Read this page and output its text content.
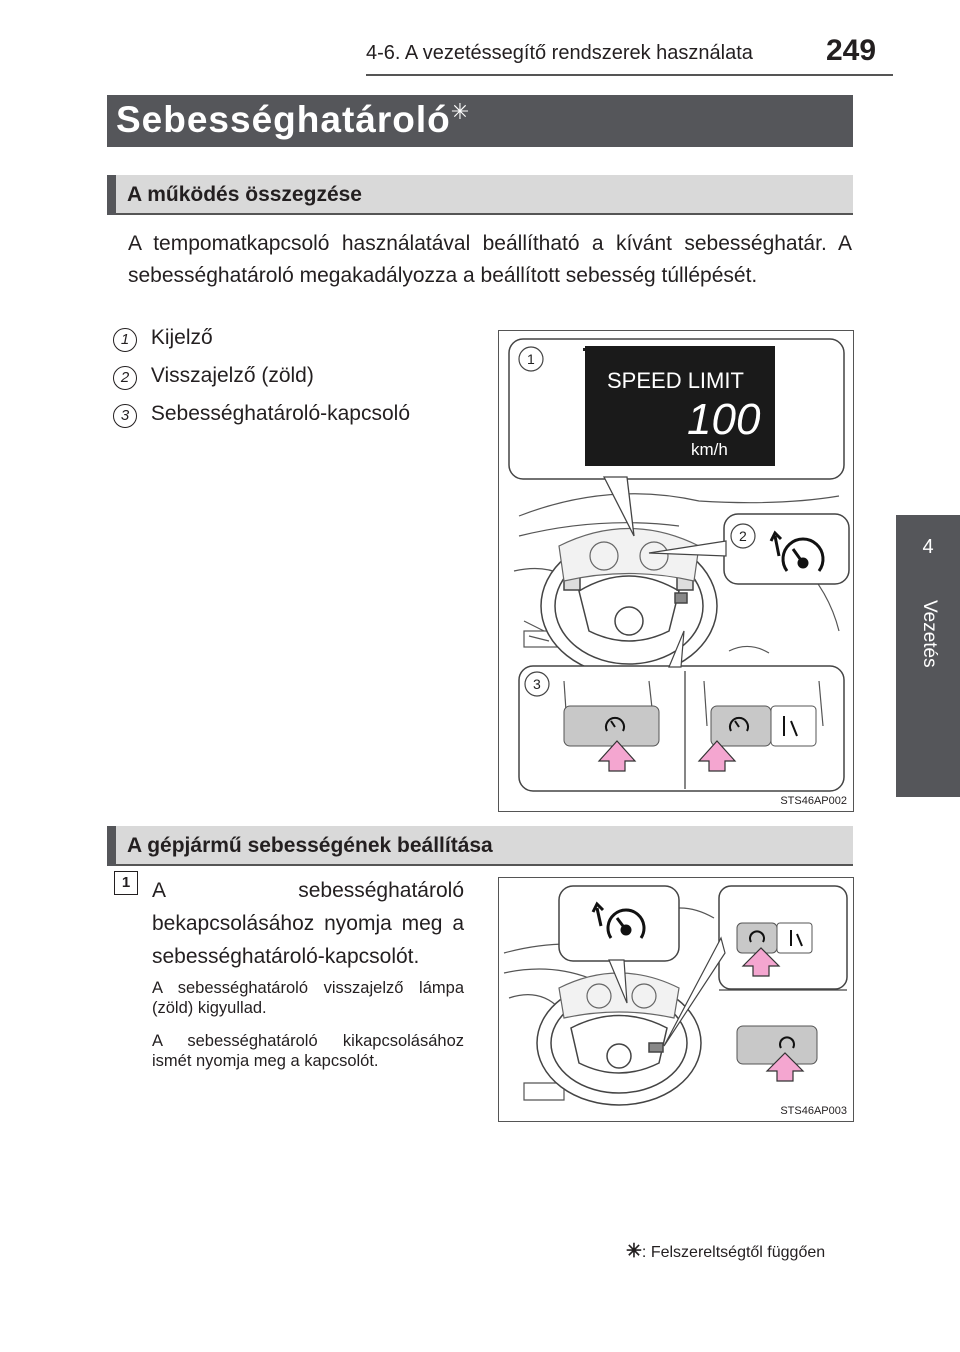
4-6. A vezetéssegítő rendszerek használata 249
4
Vezetés
Sebességhatároló✳
A működés összegzése
A tempomatkapcsoló használatával beállítható a kívánt sebességhatár. A sebességhatároló megakadályozza a beállított sebesség túllépését.
1 Kijelző
2 Visszajelző (zöld)
3 Sebességhatároló-kapcsoló
SPEED LIMIT
100
km/h
1
2
3
STS46AP002
A gépjármű sebességének beállítása
1	A sebességhatároló bekapcsolásához nyomja meg a sebességhatároló-kapcsolót.
A sebességhatároló visszajelző lámpa (zöld) kigyullad.
A sebességhatároló kikapcsolásához ismét nyomja meg a kapcsolót.
STS46AP003
✳: Felszereltségtől függően
